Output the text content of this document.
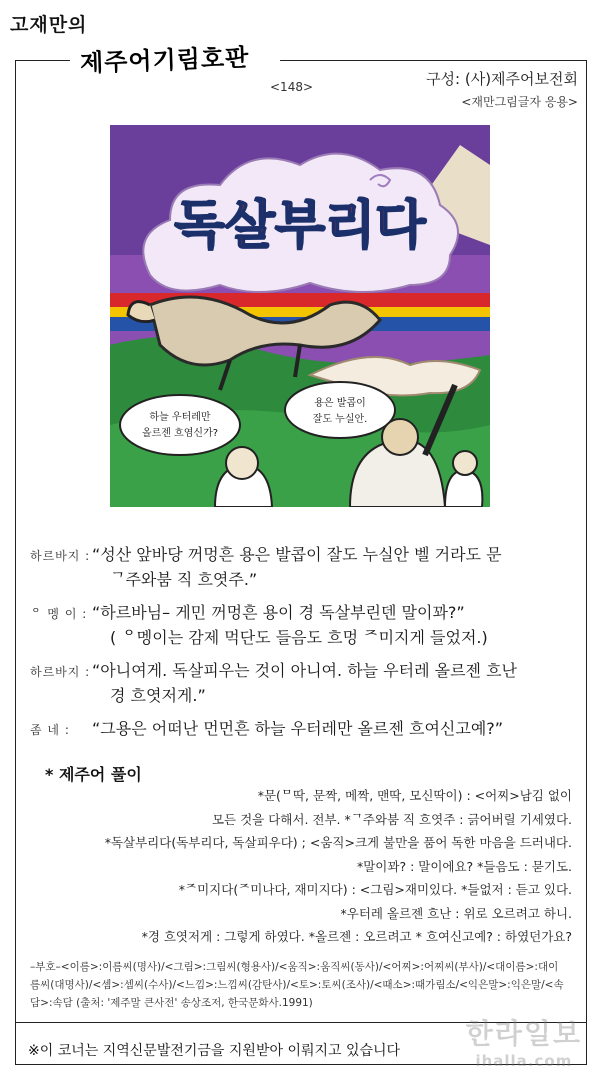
고재만의
제주어기림호판
<148>	구성: (사)제주어보전회
<재만그림글자 응용>
하늘 우터레만
올르젠 흐염신가?
용은 발콥이
잘도 누실안.
독살부리다
하르바지 : “성산 앞바당 꺼멍흔 용은 발콥이 잘도 누실안 벨 거라도 문
ᄀ주와붐 직 흐엿주.”
ᄋ 멩 이 : “하르바님– 게민 꺼멍흔 용이 경 독살부린덴 말이꽈?”
( ᄋ멩이는 감제 먹단도 들음도 흐멍 ᄌ미지게 들었저.)
하르바지 : “아니여게. 독살피우는 것이 아니여. 하늘 우터레 올르젠 흐난
경 흐엿저게.”
좀 네 :	“그용은 어떠난 먼먼흔 하늘 우터레만 올르젠 흐여신고예?”
* 제주어 풀이
*문(ᄆ딱, 문짝, 메짝, 맨딱, 모신딱이) : <어찌>남김 없이
모든 것을 다해서. 전부. *ᄀ주와붐 직 흐엿주 : 긁어버릴 기세였다.
*독살부리다(독부리다, 독살피우다) ; <움직>크게 불만을 품어 독한 마음을 드러내다.
*말이꽈? : 말이에요? *들음도 : 묻기도.
*ᄌ미지다(ᄌ미나다, 재미지다) : <그림>재미있다. *들없저 : 듣고 있다.
*우터레 올르젠 흐난 : 위로 오르려고 하니.
*경 흐엿저게 : 그렇게 하였다. *올르젠 : 오르려고 * 흐여신고예? : 하였던가요?
–부호–<이름>:이름씨(명사)/<그림>:그림씨(형용사)/<움직>:움직씨(동사)/<어찌>:어찌씨(부사)/<대이름>:대이
름씨(대명사)/<셈>:셈씨(수사)/<느낌>:느낌씨(감탄사)/<토>:토씨(조사)/<때소>:때가림소/<익은말>:익은말/<속
담>:속담 (출처: '제주말 큰사전' 송상조저, 한국문화사.1991)
※이 코너는 지역신문발전기금을 지원받아 이뤄지고 있습니다
한라일보
ihalla.com
